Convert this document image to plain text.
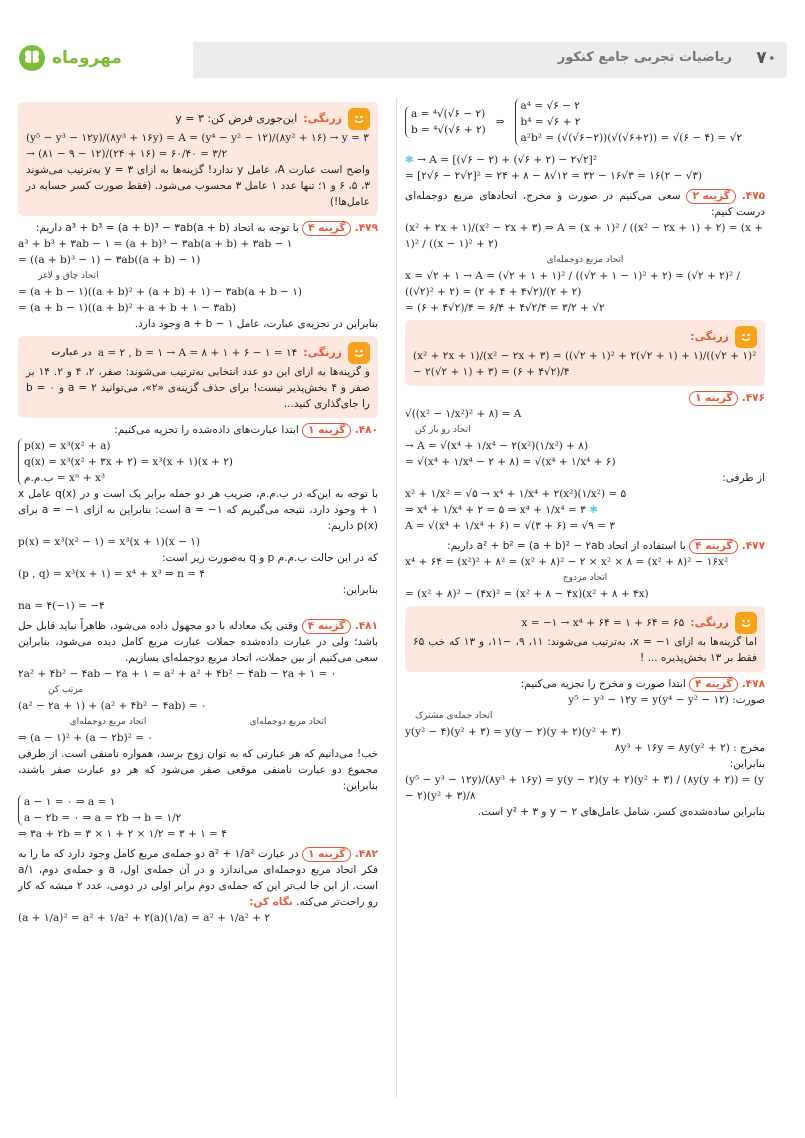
۷۰
ریاضیات تجربی جامع کنکور
مهروماه
a = ⁴√(√۶ − ۲)
b = ⁴√(√۶ + ۲)
⇒
a⁴ = √۶ − ۲
b⁴ = √۶ + ۲
a²b² = (√(√۶−۲))(√(√۶+۲)) = √(۶ − ۴) = √۲
✱ → A = [(√۶ − ۲) + (√۶ + ۲) − ۲√۲]²
= [۲√۶ − ۲√۲]² = ۲۴ + ۸ − ۸√۱۲ = ۳۲ − ۱۶√۳ = ۱۶(۲ − √۳)
۴۷۵. گزینه ۲ سعی می‌کنیم در صورت و مخرج، اتحادهای مربع دوجمله‌ای درست کنیم:
(x² + ۲x + ۱)/(x² − ۲x + ۳) ⇒ A = (x + ۱)² / ((x² − ۲x + ۱) + ۲) = (x + ۱)² / ((x − ۱)² + ۲)
اتحاد مربع دوجمله‌ای
x = √۲ + ۱ → A = (√۲ + ۱ + ۱)² / ((√۲ + ۱ − ۱)² + ۲) = (√۲ + ۲)² / ((√۲)² + ۲) = (۲ + ۴ + ۴√۲)/(۲ + ۲)
= (۶ + ۴√۲)/۴ = ۶/۴ + ۴√۲/۴ = ۳/۲ + √۲
زرنگی:
(x² + ۲x + ۱)/(x² − ۲x + ۳) = ((√۲ + ۱)² + ۲(√۲ + ۱) + ۱)/((√۲ + ۱)² − ۲(√۲ + ۱) + ۳) = (۶ + ۴√۲)/۴
۴۷۶. گزینه ۱
√((x² − ۱/x²)² + ۸) = A
اتحاد رو باز کن
→ A = √(x⁴ + ۱/x⁴ − ۲(x²)(۱/x²) + ۸)
= √(x⁴ + ۱/x⁴ − ۲ + ۸) = √(x⁴ + ۱/x⁴ + ۶)
از طرفی:
x² + ۱/x² = √۵ → x⁴ + ۱/x⁴ + ۲(x²)(۱/x²) = ۵
⇒ x⁴ + ۱/x⁴ + ۲ = ۵ ⇒ x⁴ + ۱/x⁴ = ۳ ✱
A = √(x⁴ + ۱/x⁴ + ۶) = √(۳ + ۶) = √۹ = ۳
۴۷۷. گزینه ۴ با استفاده از اتحاد a² + b² = (a + b)² − ۲ab داریم:
x⁴ + ۶۴ = (x²)² + ۸² = (x² + ۸)² − ۲ × x² × ۸ = (x² + ۸)² − ۱۶x²
اتحاد مزدوج
= (x² + ۸)² − (۴x)² = (x² + ۸ − ۴x)(x² + ۸ + ۴x)
زرنگی:
x = −۱ → x⁴ + ۶۴ = ۱ + ۶۴ = ۶۵
اما گزینه‌ها به ازای x = −۱، به‌ترتیب می‌شوند: ۱۱، ۹، −۱۱، و ۱۳ که خب ۶۵ فقط بر ۱۳ بخش‌پذیره ... !
۴۷۸. گزینه ۴ ابتدا صورت و مخرج را تجزیه می‌کنیم:
y⁵ − y³ − ۱۲y = y(y⁴ − y² − ۱۲) :صورت
اتحاد جمله‌ی مشترک
y(y² − ۴)(y² + ۳) = y(y − ۲)(y + ۲)(y² + ۳)
۸y³ + ۱۶y = ۸y(y² + ۲) : مخرج
بنابراین:
(y⁵ − y³ − ۱۲y)/(۸y³ + ۱۶y) = y(y − ۲)(y + ۲)(y² + ۳) / (۸y(y + ۲)) = (y − ۲)(y² + ۳)/۸
بنابراین ساده‌شده‌ی کسر، شامل عامل‌های y − ۲ و y² + ۳ است.
زرنگی:
این‌جوری فرض کن: y = ۳
(y⁵ − y³ − ۱۲y)/(۸y³ + ۱۶y) = A = (y⁴ − y² − ۱۲)/(۸y² + ۱۶) → y = ۳ → (۸۱ − ۹ − ۱۲)/(۲۴ + ۱۶) = ۶۰/۴۰ = ۳/۲
واضح است عبارت A، عامل y ندارد! گزینه‌ها به ازای y = ۳ به‌ترتیب می‌شوند ۳، ۵، ۶ و ۱؛ تنها عدد ۱ عامل ۳ محسوب می‌شود. (فقط صورت کسر حسابه در عامل‌ها!)
۴۷۹. گزینه ۴ با توجه به اتحاد a³ + b³ = (a + b)³ − ۳ab(a + b) داریم:
a³ + b³ + ۳ab − ۱ = (a + b)³ − ۳ab(a + b) + ۳ab − ۱
= ((a + b)³ − ۱) − ۳ab((a + b) − ۱)
اتحاد چاق و لاغر
= (a + b − ۱)((a + b)² + (a + b) + ۱) − ۳ab(a + b − ۱)
= (a + b − ۱)((a + b)² + a + b + ۱ − ۳ab)
بنابراین در تجزیه‌ی عبارت، عامل a + b − ۱ وجود دارد.
زرنگی:
a = ۲ , b = ۱ → A = ۸ + ۱ + ۶ − ۱ = ۱۴
در عبارت
و گزینه‌ها به ازای این دو عدد انتخابی به‌ترتیب می‌شوند: صفر، ۲، ۴ و ۲. ۱۴ بر صفر و ۴ بخش‌پذیر نیست! برای حذف گزینه‌ی «۲»، می‌توانید a = ۲ و b = ۰ را جای‌گذاری کنید...
۴۸۰. گزینه ۱ ابتدا عبارت‌های داده‌شده را تجزیه می‌کنیم:
p(x) = x³(x² + a)
q(x) = x³(x² + ۳x + ۲) = x³(x + ۱)(x + ۲)
ب.م.م = xⁿ + x³
با توجه به این‌که در ب.م.م، ضریب هر دو جمله برابر یک است و در q(x) عامل x + ۱ وجود دارد، نتیجه می‌گیریم که a = −۱ است: بنابراین به ازای a = −۱ برای p(x) داریم:
p(x) = x³(x² − ۱) = x³(x + ۱)(x − ۱)
که در این حالت ب.م.م p و q به‌صورت زیر است:
(p , q) = x³(x + ۱) = x⁴ + x³ ⇒ n = ۴
بنابراین:
na = ۴(−۱) = −۴
۴۸۱. گزینه ۴ وقتی یک معادله با دو مجهول داده می‌شود، ظاهراً نباید قابل حل باشد؛ ولی در عبارت داده‌شده جملات عبارت مربع کامل دیده می‌شود، بنابراین سعی می‌کنیم از بین جملات، اتحاد مربع دوجمله‌ای بسازیم.
۲a² + ۴b² − ۴ab − ۲a + ۱ = a² + a² + ۴b² − ۴ab − ۲a + ۱ = ۰
مرتب کن
(a² − ۲a + ۱) + (a² + ۴b² − ۴ab) = ۰
اتحاد مربع دوجمله‌ای
اتحاد مربع دوجمله‌ای
⇒ (a − ۱)² + (a − ۲b)² = ۰
خب! می‌دانیم که هر عبارتی که به توان زوج برسد، همواره نامنفی است. از طرفی مجموع دو عبارت نامنفی موقعی صفر می‌شود که هر دو عبارت صفر باشند، بنابراین:
a − ۱ = ۰ ⇒ a = ۱
a − ۲b = ۰ ⇒ a = ۲b → b = ۱/۲
⇒ ۳a + ۲b = ۳ × ۱ + ۲ × ۱/۲ = ۳ + ۱ = ۴
۴۸۲. گزینه ۱ در عبارت a² + ۱/a² دو جمله‌ی مربع کامل وجود دارد که ما را به فکر اتحاد مربع دوجمله‌ای می‌اندازد و در آن جمله‌ی اول، a و جمله‌ی دوم، ۱/a است. از این جا لب‌تر این که جمله‌ی دوم برابر اولی در دومی، عدد ۲ میشه که کار رو راحت‌تر می‌کنه. نگاه کن:
(a + ۱/a)² = a² + ۱/a² + ۲(a)(۱/a) = a² + ۱/a² + ۲
